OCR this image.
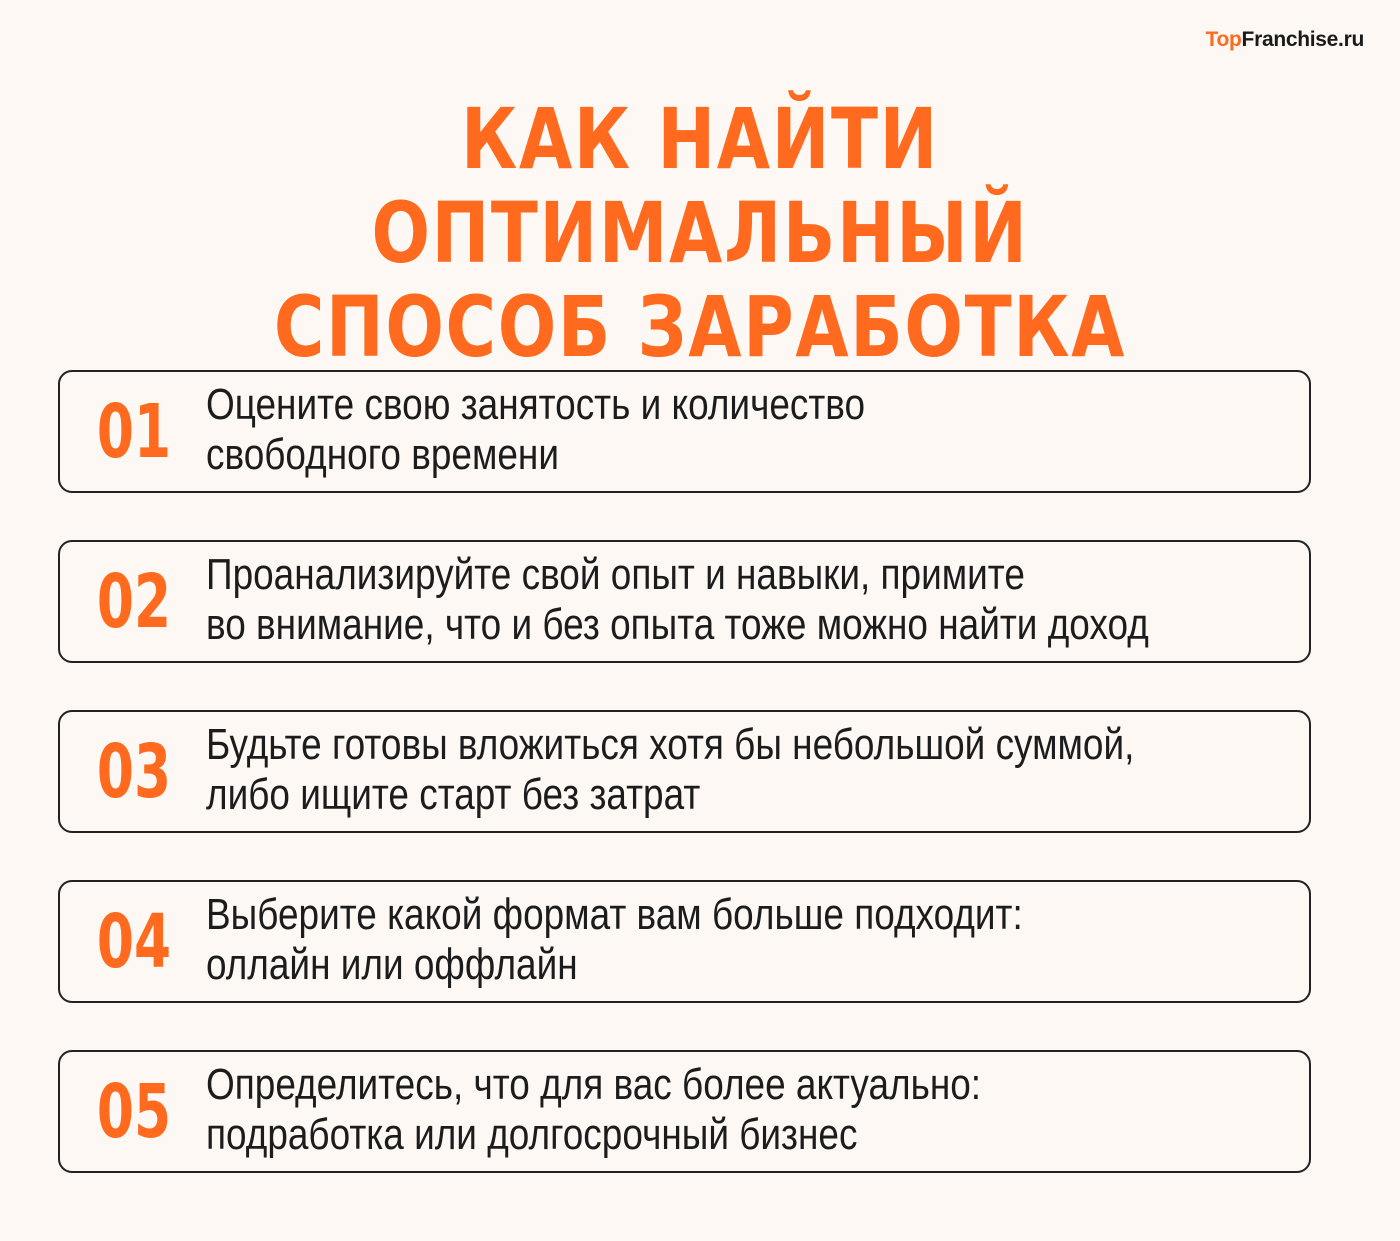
TopFranchise.ru
КАК НАЙТИ ОПТИМАЛЬНЫЙ
СПОСОБ ЗАРАБОТКА
01 Оцените свою занятость и количество
свободного времени
02 Проанализируйте свой опыт и навыки, примите
во внимание, что и без опыта тоже можно найти доход
03 Будьте готовы вложиться хотя бы небольшой суммой,
либо ищите старт без затрат
04 Выберите какой формат вам больше подходит:
оллайн или оффлайн
05 Определитесь, что для вас более актуально:
подработка или долгосрочный бизнес
